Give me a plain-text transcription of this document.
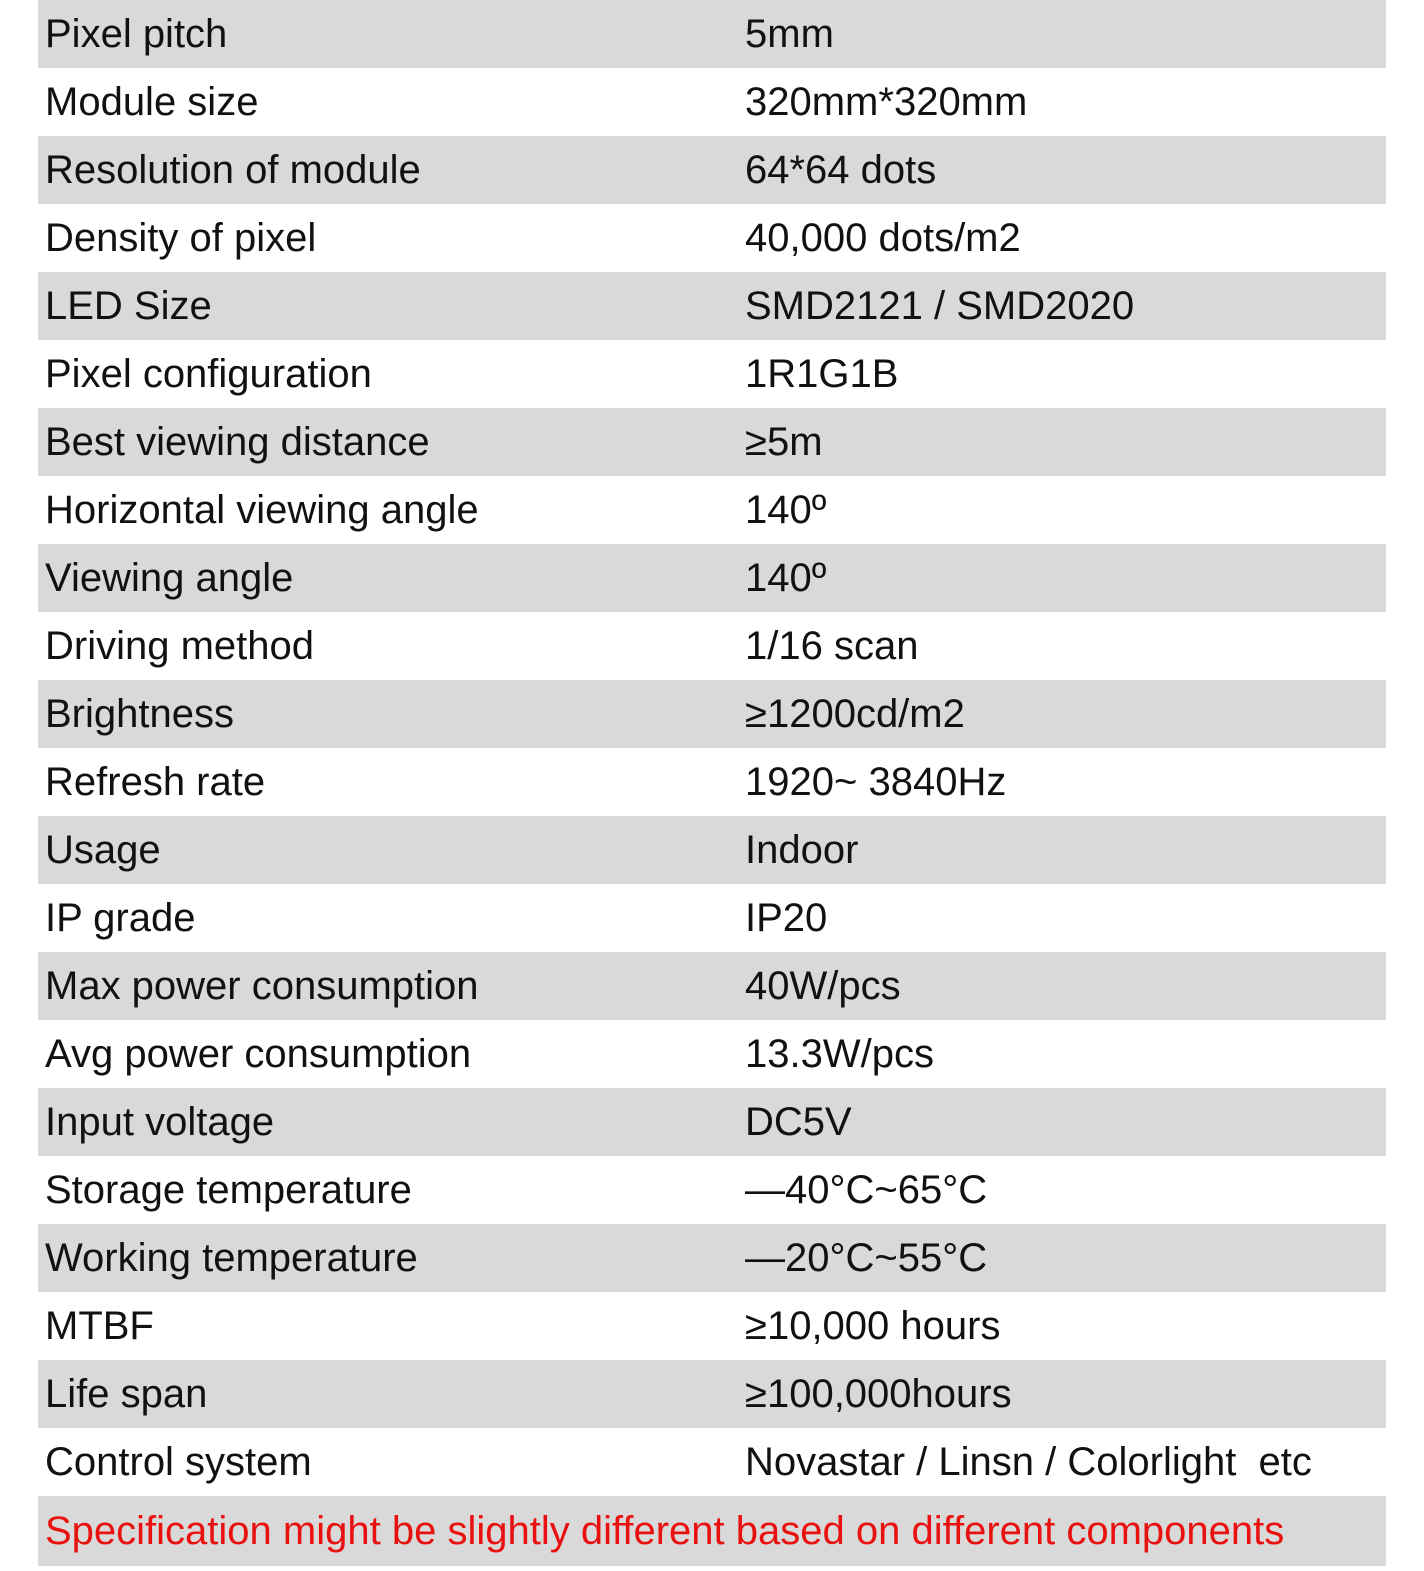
Pixel pitch	5mm
Module size	320mm*320mm
Resolution of module	64*64 dots
Density of pixel	40,000 dots/m2
LED Size	SMD2121 / SMD2020
Pixel configuration	1R1G1B
Best viewing distance	≥5m
Horizontal viewing angle	140º
Viewing angle	140º
Driving method	1/16 scan
Brightness	≥1200cd/m2
Refresh rate	1920~ 3840Hz
Usage	Indoor
IP grade	IP20
Max power consumption	40W/pcs
Avg power consumption	13.3W/pcs
Input voltage	DC5V
Storage temperature	—40°C~65°C
Working temperature	—20°C~55°C
MTBF	≥10,000 hours
Life span	≥100,000hours
Control system	Novastar / Linsn / Colorlight  etc
Specification might be slightly different based on different components
